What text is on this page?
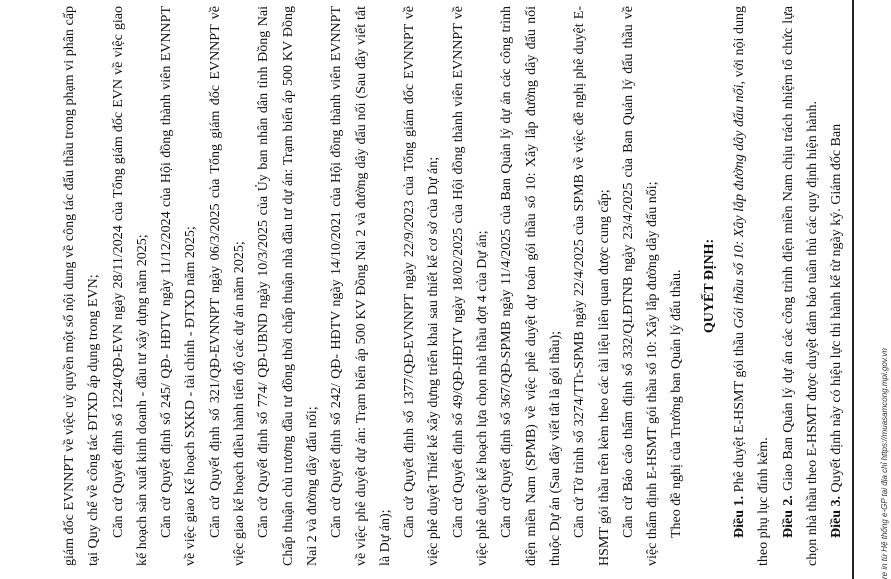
giám đốc EVNNPT về việc uỷ quyền một số nội dung về công tác đấu thầu trong phạm vi phân cấp tại Quy chế về công tác ĐTXD áp dụng trong EVN; Căn cứ Quyết định số 1224/QĐ-EVN ngày 28/11/2024 của Tổng giám đốc EVN về việc giao kế hoạch sản xuất kinh doanh - đầu tư xây dựng năm 2025; Căn cứ Quyết định số 245/ QĐ- HĐTV ngày 11/12/2024 của Hội đồng thành viên EVNNPT về việc giao Kế hoạch SXKD - tài chính - ĐTXD năm 2025; Căn cứ Quyết định số 321/QĐ-EVNNPT ngày 06/3/2025 của Tổng giám đốc EVNNPT về việc giao kế hoạch điều hành tiến độ các dự án năm 2025; Căn cứ Quyết định số 774/ QĐ-UBND ngày 10/3/2025 của Ủy ban nhân dân tỉnh Đồng Nai Chấp thuận chủ trương đầu tư đồng thời chấp thuận nhà đầu tư dự án: Trạm biến áp 500 KV Đồng Nai 2 và đường dây đấu nối; Căn cứ Quyết định số 242/ QĐ- HĐTV ngày 14/10/2021 của Hội đồng thành viên EVNNPT về việc phê duyệt dự án: Trạm biến áp 500 KV Đồng Nai 2 và đường dây đấu nối (Sau đây viết tắt là Dự án); Căn cứ Quyết định số 1377/QĐ-EVNNPT ngày 22/9/2023 của Tổng giám đốc EVNNPT về việc phê duyệt Thiết kế xây dựng triển khai sau thiết kế cơ sở của Dự án; Căn cứ Quyết định số 49/QĐ-HĐTV ngày 18/02/2025 của Hội đồng thành viên EVNNPT về việc phê duyệt kế hoạch lựa chọn nhà thầu đợt 4 của Dự án; Căn cứ Quyết định số 367/QĐ-SPMB ngày 11/4/2025 của Ban Quản lý dự án các công trình điện miền Nam (SPMB) về việc phê duyệt dự toán gói thầu số 10: Xây lắp đường dây đấu nối thuộc Dự án (Sau đây viết tắt là gói thầu); Căn cứ Tờ trình số 3274/TTr-SPMB ngày 22/4/2025 của SPMB về việc đề nghị phê duyệt E-HSMT gói thầu trên kèm theo các tài liệu liên quan được cung cấp; Căn cứ Báo cáo thẩm định số 332/QLĐTNB ngày 23/4/2025 của Ban Quản lý đấu thầu về việc thẩm định E-HSMT gói thầu số 10: Xây lắp đường dây đấu nối; Theo đề nghị của Trưởng ban Quản lý đấu thầu.	QUYẾT ĐỊNH:

Điều 1. Phê duyệt E-HSMT gói thầu Gói thầu số 10: Xây lắp đường dây đấu nối, với nội dung theo phụ lục đính kèm. Điều 2. Giao Ban Quản lý dự án các công trình điện miền Nam chịu trách nhiệm tổ chức lựa chọn nhà thầu theo E-HSMT được duyệt đảm bảo tuân thủ các quy định hiện hành. Điều 3. Quyết định này có hiệu lực thi hành kể từ ngày ký. Giám đốc Ban	re in từ Hệ thống e-GP tại địa chỉ https://muasamcong.mpi.gov.vn
